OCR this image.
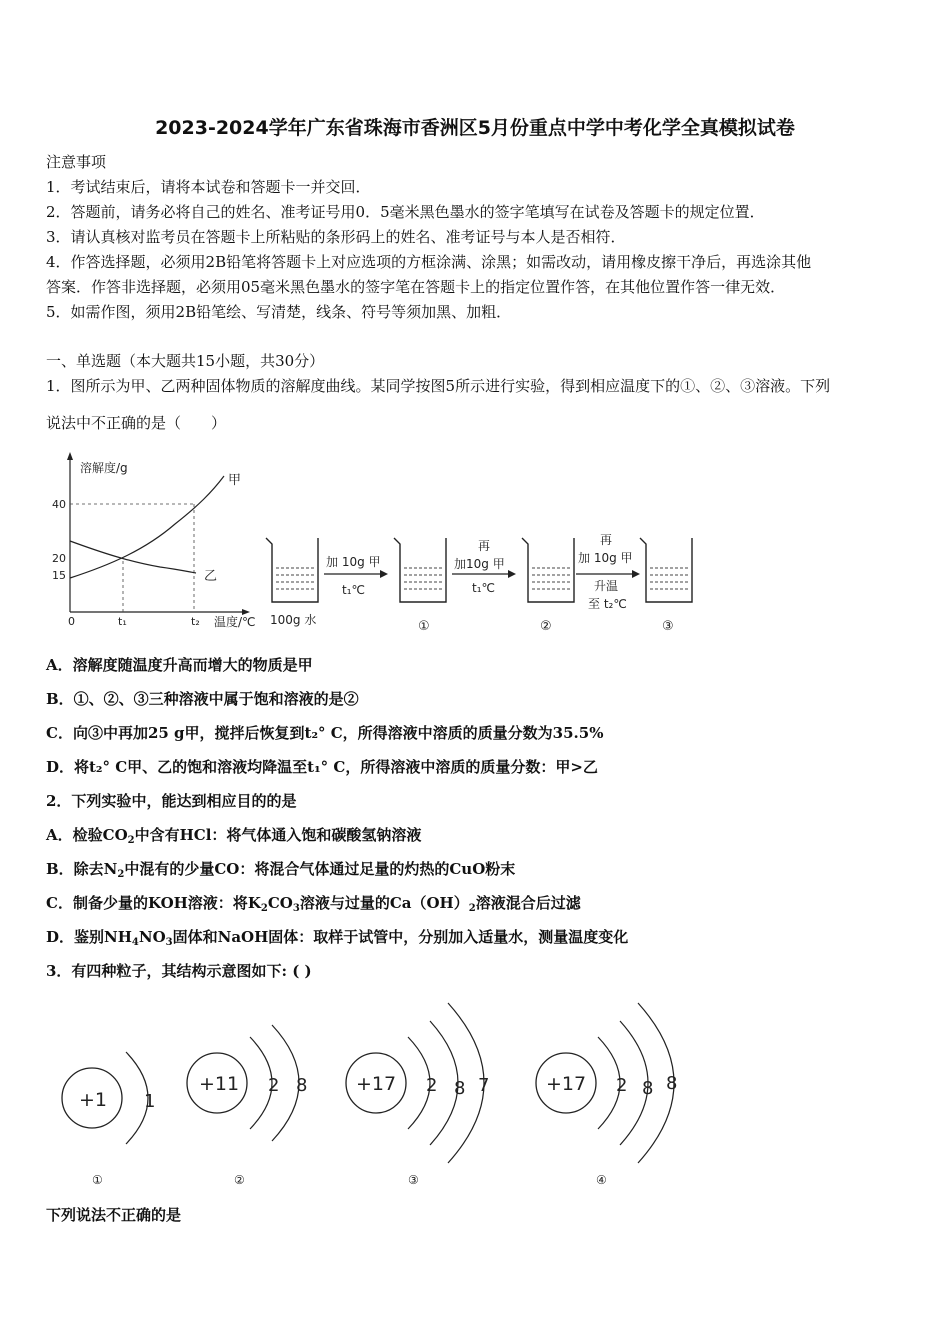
2023-2024学年广东省珠海市香洲区5月份重点中学中考化学全真模拟试卷
注意事项
1．考试结束后，请将本试卷和答题卡一并交回．
2．答题前，请务必将自己的姓名、准考证号用0．5毫米黑色墨水的签字笔填写在试卷及答题卡的规定位置．
3．请认真核对监考员在答题卡上所粘贴的条形码上的姓名、准考证号与本人是否相符．
4．作答选择题，必须用2B铅笔将答题卡上对应选项的方框涂满、涂黑；如需改动，请用橡皮擦干净后，再选涂其他
答案．作答非选择题，必须用05毫米黑色墨水的签字笔在答题卡上的指定位置作答，在其他位置作答一律无效．
5．如需作图，须用2B铅笔绘、写清楚，线条、符号等须加黑、加粗．
一、单选题（本大题共15小题，共30分）
1．图所示为甲、乙两种固体物质的溶解度曲线。某同学按图5所示进行实验，得到相应温度下的①、②、③溶液。下列
说法中不正确的是（　　）
溶解度/g
温度/℃
0
40
20
15
t₁	t₂
甲
乙
100g 水
加 10g 甲
t₁℃
①
再
加10g 甲
t₁℃
②
再
加 10g 甲
升温
至 t₂℃
③
A．溶解度随温度升高而增大的物质是甲
B．①、②、③三种溶液中属于饱和溶液的是②
C．向③中再加25 g甲，搅拌后恢复到t₂° C，所得溶液中溶质的质量分数为35.5%
D．将t₂° C甲、乙的饱和溶液均降温至t₁° C，所得溶液中溶质的质量分数：甲>乙
2．下列实验中，能达到相应目的的是
A．检验$CO_2$中含有HCl：将气体通入饱和碳酸氢钠溶液
B．除去$N_2$中混有的少量CO：将混合气体通过足量的灼热的CuO粉末
C．制备少量的KOH溶液：将$K_2CO_3$溶液与过量的$Ca(OH)_2$溶液混合后过滤
D．鉴别$NH_4NO_3$固体和NaOH固体：取样于试管中，分别加入适量水，测量温度变化
3．有四种粒子，其结构示意图如下: ( )
+1 1
①
+11 2 8
②
+17 2 8 7
③
+17 2 8 8
④
下列说法不正确的是
